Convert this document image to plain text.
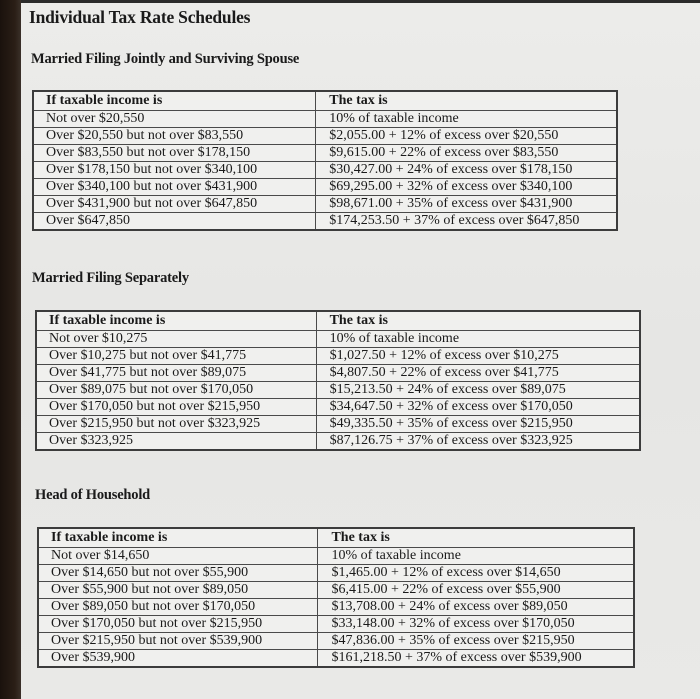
Individual Tax Rate Schedules
Married Filing Jointly and Surviving Spouse
If taxable income is	The tax is
Not over $20,550	10% of taxable income
Over $20,550 but not over $83,550	$2,055.00 + 12% of excess over $20,550
Over $83,550 but not over $178,150	$9,615.00 + 22% of excess over $83,550
Over $178,150 but not over $340,100	$30,427.00 + 24% of excess over $178,150
Over $340,100 but not over $431,900	$69,295.00 + 32% of excess over $340,100
Over $431,900 but not over $647,850	$98,671.00 + 35% of excess over $431,900
Over $647,850	$174,253.50 + 37% of excess over $647,850
Married Filing Separately
If taxable income is	The tax is
Not over $10,275	10% of taxable income
Over $10,275 but not over $41,775	$1,027.50 + 12% of excess over $10,275
Over $41,775 but not over $89,075	$4,807.50 + 22% of excess over $41,775
Over $89,075 but not over $170,050	$15,213.50 + 24% of excess over $89,075
Over $170,050 but not over $215,950	$34,647.50 + 32% of excess over $170,050
Over $215,950 but not over $323,925	$49,335.50 + 35% of excess over $215,950
Over $323,925	$87,126.75 + 37% of excess over $323,925
Head of Household
If taxable income is	The tax is
Not over $14,650	10% of taxable income
Over $14,650 but not over $55,900	$1,465.00 + 12% of excess over $14,650
Over $55,900 but not over $89,050	$6,415.00 + 22% of excess over $55,900
Over $89,050 but not over $170,050	$13,708.00 + 24% of excess over $89,050
Over $170,050 but not over $215,950	$33,148.00 + 32% of excess over $170,050
Over $215,950 but not over $539,900	$47,836.00 + 35% of excess over $215,950
Over $539,900	$161,218.50 + 37% of excess over $539,900
